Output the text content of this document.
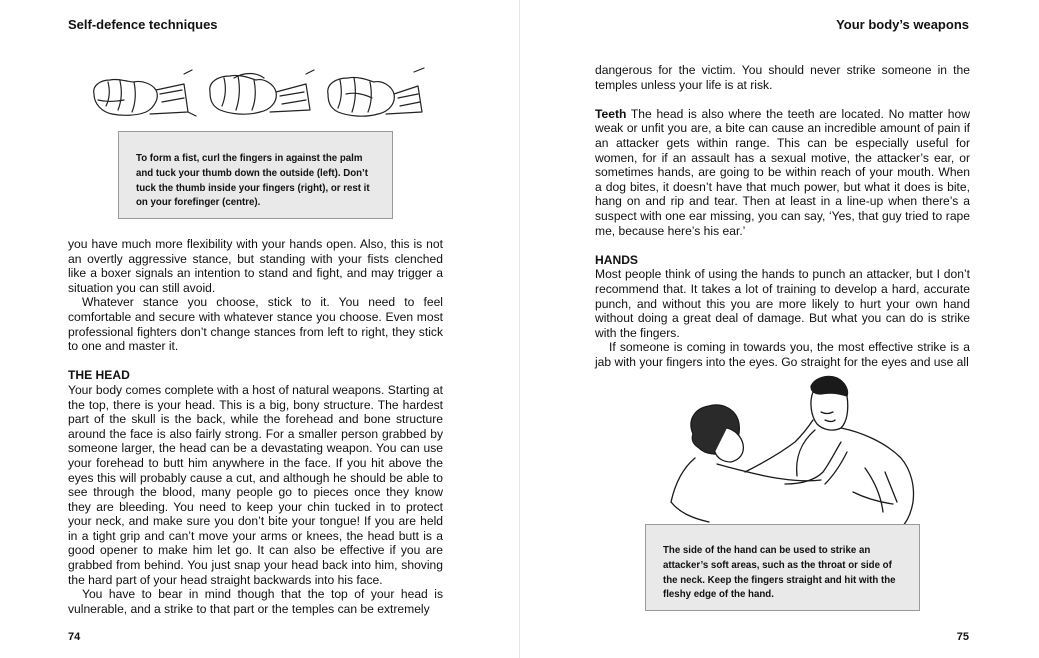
Self-defence techniques
To form a fist, curl the fingers in against the palm and tuck your thumb down the outside (left). Don’t tuck the thumb inside your fingers (right), or rest it on your forefinger (centre).

you have much more flexibility with your hands open. Also, this is not an overtly aggressive stance, but standing with your fists clenched like a boxer signals an intention to stand and fight, and may trigger a situation you can still avoid.

Whatever stance you choose, stick to it. You need to feel comfortable and secure with whatever stance you choose. Even most professional fighters don’t change stances from left to right, they stick to one and master it.

THE HEAD

Your body comes complete with a host of natural weapons. Starting at the top, there is your head. This is a big, bony structure. The hardest part of the skull is the back, while the forehead and bone structure around the face is also fairly strong. For a smaller person grabbed by someone larger, the head can be a devastating weapon. You can use your forehead to butt him anywhere in the face. If you hit above the eyes this will probably cause a cut, and although he should be able to see through the blood, many people go to pieces once they know they are bleeding. You need to keep your chin tucked in to protect your neck, and make sure you don’t bite your tongue! If you are held in a tight grip and can’t move your arms or knees, the head butt is a good opener to make him let go. It can also be effective if you are grabbed from behind. You just snap your head back into him, shoving the hard part of your head straight backwards into his face.

You have to bear in mind though that the top of your head is vulnerable, and a strike to that part or the temples can be extremely

74
Your body’s weapons

dangerous for the victim. You should never strike someone in the temples unless your life is at risk.

Teeth The head is also where the teeth are located. No matter how weak or unfit you are, a bite can cause an incredible amount of pain if an attacker gets within range. This can be especially useful for women, for if an assault has a sexual motive, the attacker’s ear, or sometimes hands, are going to be within reach of your mouth. When a dog bites, it doesn’t have that much power, but what it does is bite, hang on and rip and tear. Then at least in a line-up when there’s a suspect with one ear missing, you can say, ‘Yes, that guy tried to rape me, because here’s his ear.’

HANDS

Most people think of using the hands to punch an attacker, but I don’t recommend that. It takes a lot of training to develop a hard, accurate punch, and without this you are more likely to hurt your own hand without doing a great deal of damage. But what you can do is strike with the fingers.

If someone is coming in towards you, the most effective strike is a jab with your fingers into the eyes. Go straight for the eyes and use all

The side of the hand can be used to strike an attacker’s soft areas, such as the throat or side of the neck. Keep the fingers straight and hit with the fleshy edge of the hand.
75
